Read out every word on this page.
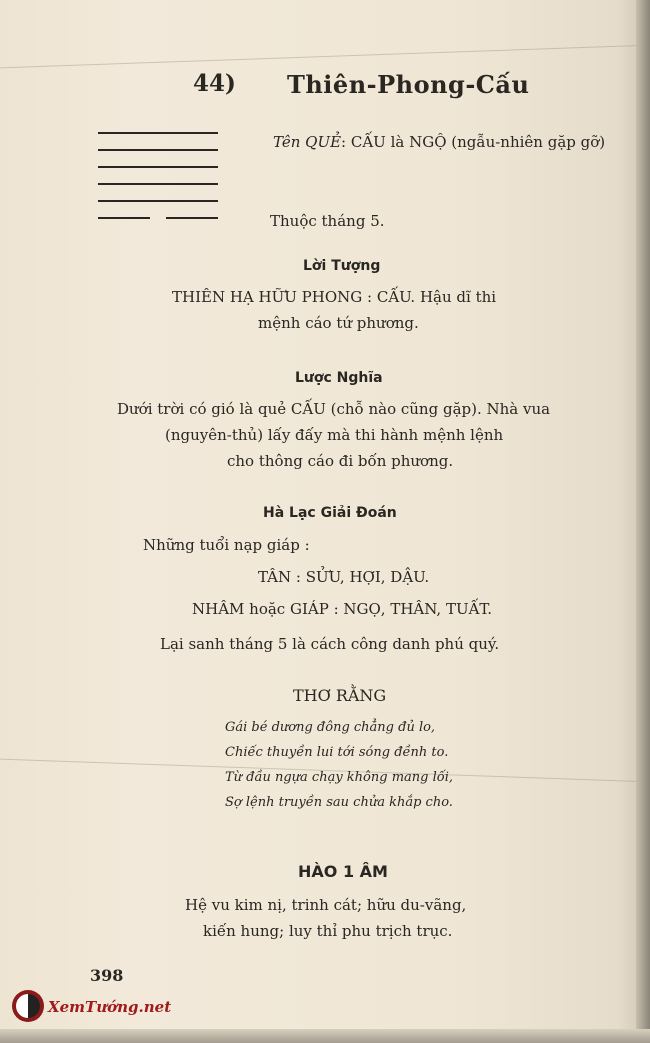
44) Thiên-Phong-Cấu
Tên QUẺ: CẤU là NGỘ (ngẫu-nhiên gặp gỡ)
Thuộc tháng 5.
Lời Tượng
THIÊN HẠ HỮU PHONG : CẤU. Hậu dĩ thi
mệnh cáo tứ phương.
Lược Nghĩa
Dưới trời có gió là quẻ CẤU (chỗ nào cũng gặp). Nhà vua
(nguyên-thủ) lấy đấy mà thi hành mệnh lệnh
cho thông cáo đi bốn phương.
Hà Lạc Giải Đoán
Những tuổi nạp giáp :
TÂN : SỬU, HỢI, DẬU.
NHÂM hoặc GIÁP : NGỌ, THÂN, TUẤT.
Lại sanh tháng 5 là cách công danh phú quý.
THƠ RẰNG
Gái bé dương đông chẳng đủ lo,
Chiếc thuyền lui tới sóng đềnh to.
Từ đầu ngựa chạy không mang lối,
Sợ lệnh truyền sau chửa khắp cho.
HÀO 1 ÂM
Hệ vu kim nị, trinh cát; hữu du-vãng,
kiến hung; luy thỉ phu trịch trục.
398
XemTướng.net
